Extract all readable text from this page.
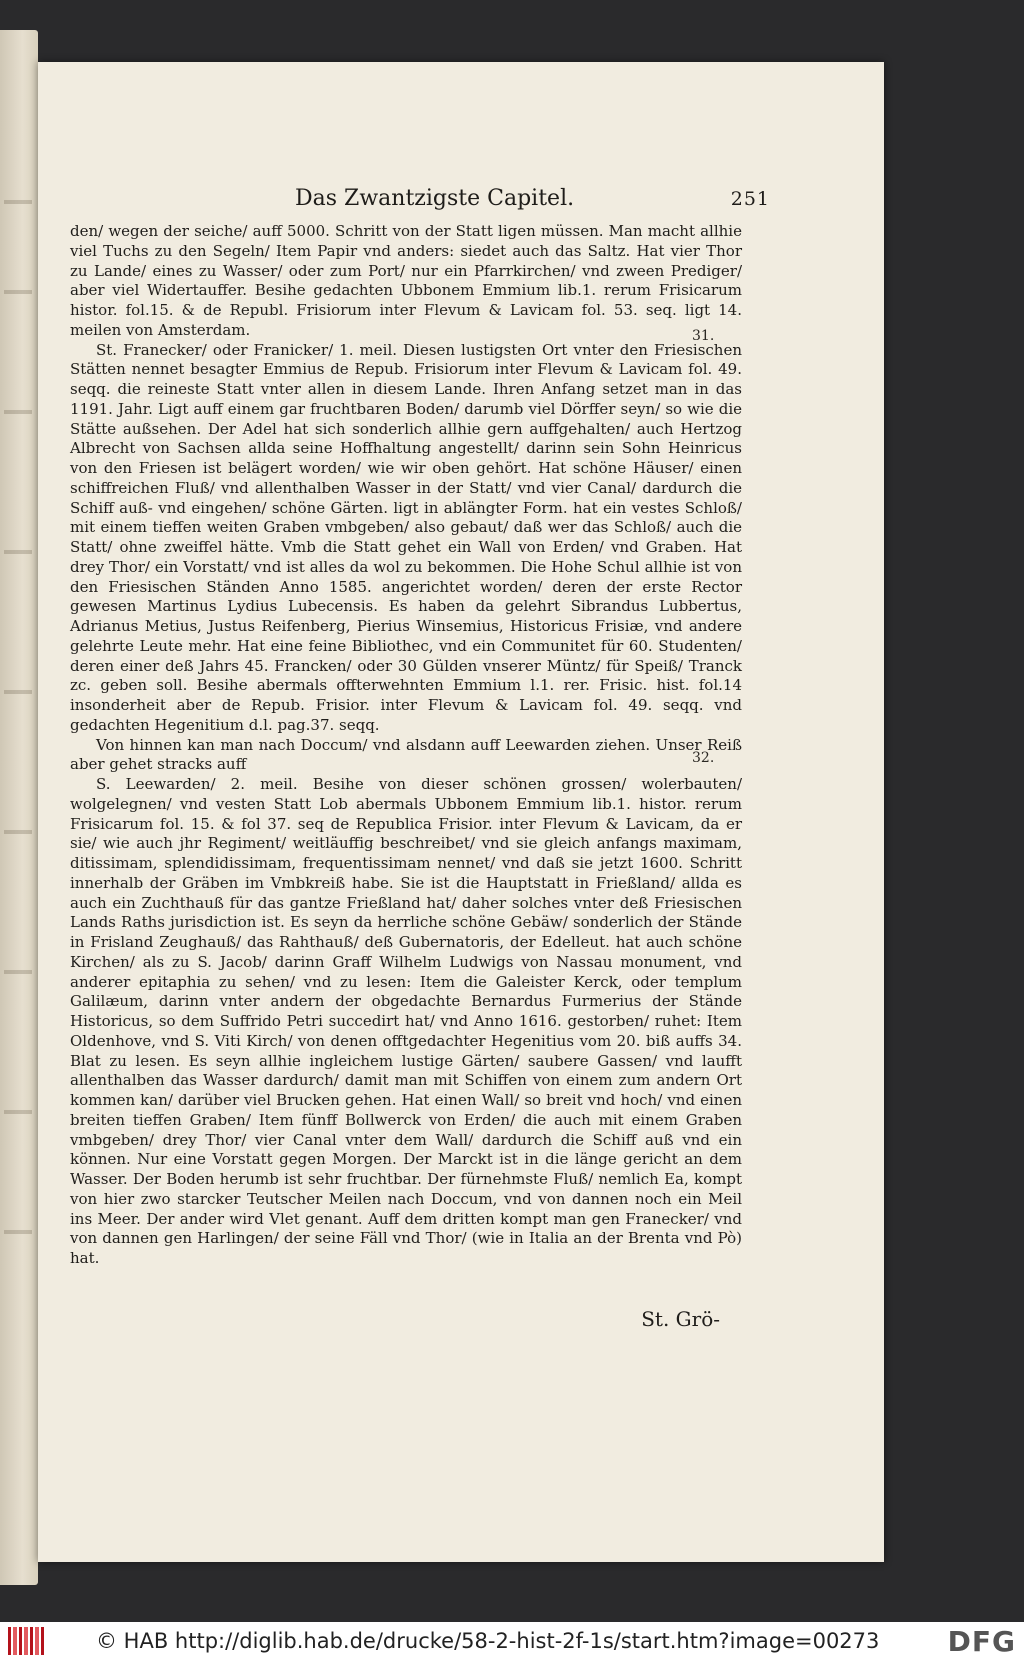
Das Zwantzigste Capitel.	251

den/ wegen der seiche/ auff 5000. Schritt von der Statt ligen müssen. Man macht allhie viel Tuchs zu den Segeln/ Item Papir vnd anders: siedet auch das Saltz. Hat vier Thor zu Lande/ eines zu Wasser/ oder zum Port/ nur ein Pfarrkirchen/ vnd zween Prediger/ aber viel Widertauffer. Besihe gedachten Ubbonem Emmium lib.1. rerum Frisicarum histor. fol.15. & de Republ. Frisiorum inter Flevum & Lavicam fol. 53. seq. ligt 14. meilen von Amsterdam.

St. Franecker/ oder Franicker/ 1. meil. Diesen lustigsten Ort vnter den Friesischen Stätten nennet besagter Emmius de Repub. Frisiorum inter Flevum & Lavicam fol. 49. seqq. die reineste Statt vnter allen in diesem Lande. Ihren Anfang setzet man in das 1191. Jahr. Ligt auff einem gar fruchtbaren Boden/ darumb viel Dörffer seyn/ so wie die Stätte außsehen. Der Adel hat sich sonderlich allhie gern auffgehalten/ auch Hertzog Albrecht von Sachsen allda seine Hoffhaltung angestellt/ darinn sein Sohn Heinricus von den Friesen ist belägert worden/ wie wir oben gehört. Hat schöne Häuser/ einen schiffreichen Fluß/ vnd allenthalben Wasser in der Statt/ vnd vier Canal/ dardurch die Schiff auß- vnd eingehen/ schöne Gärten. ligt in ablängter Form. hat ein vestes Schloß/ mit einem tieffen weiten Graben vmbgeben/ also gebaut/ daß wer das Schloß/ auch die Statt/ ohne zweiffel hätte. Vmb die Statt gehet ein Wall von Erden/ vnd Graben. Hat drey Thor/ ein Vorstatt/ vnd ist alles da wol zu bekommen. Die Hohe Schul allhie ist von den Friesischen Ständen Anno 1585. angerichtet worden/ deren der erste Rector gewesen Martinus Lydius Lubecensis. Es haben da gelehrt Sibrandus Lubbertus, Adrianus Metius, Justus Reifenberg, Pierius Winsemius, Historicus Frisiæ, vnd andere gelehrte Leute mehr. Hat eine feine Bibliothec, vnd ein Communitet für 60. Studenten/ deren einer deß Jahrs 45. Francken/ oder 30 Gülden vnserer Müntz/ für Speiß/ Tranck zc. geben soll. Besihe abermals offterwehnten Emmium l.1. rer. Frisic. hist. fol.14 insonderheit aber de Repub. Frisior. inter Flevum & Lavicam fol. 49. seqq. vnd gedachten Hegenitium d.l. pag.37. seqq.

Von hinnen kan man nach Doccum/ vnd alsdann auff Leewarden ziehen. Unser Reiß aber gehet stracks auff

S. Leewarden/ 2. meil. Besihe von dieser schönen grossen/ wolerbauten/ wolgelegnen/ vnd vesten Statt Lob abermals Ubbonem Emmium lib.1. histor. rerum Frisicarum fol. 15. & fol 37. seq de Republica Frisior. inter Flevum & Lavicam, da er sie/ wie auch jhr Regiment/ weitläuffig beschreibet/ vnd sie gleich anfangs maximam, ditissimam, splendidissimam, frequentissimam nennet/ vnd daß sie jetzt 1600. Schritt innerhalb der Gräben im Vmbkreiß habe. Sie ist die Hauptstatt in Frießland/ allda es auch ein Zuchthauß für das gantze Frießland hat/ daher solches vnter deß Friesischen Lands Raths jurisdiction ist. Es seyn da herrliche schöne Gebäw/ sonderlich der Stände in Frisland Zeughauß/ das Rahthauß/ deß Gubernatoris, der Edelleut. hat auch schöne Kirchen/ als zu S. Jacob/ darinn Graff Wilhelm Ludwigs von Nassau monument, vnd anderer epitaphia zu sehen/ vnd zu lesen: Item die Galeister Kerck, oder templum Galilæum, darinn vnter andern der obgedachte Bernardus Furmerius der Stände Historicus, so dem Suffrido Petri succedirt hat/ vnd Anno 1616. gestorben/ ruhet: Item Oldenhove, vnd S. Viti Kirch/ von denen offtgedachter Hegenitius vom 20. biß auffs 34. Blat zu lesen. Es seyn allhie ingleichem lustige Gärten/ saubere Gassen/ vnd laufft allenthalben das Wasser dardurch/ damit man mit Schiffen von einem zum andern Ort kommen kan/ darüber viel Brucken gehen. Hat einen Wall/ so breit vnd hoch/ vnd einen breiten tieffen Graben/ Item fünff Bollwerck von Erden/ die auch mit einem Graben vmbgeben/ drey Thor/ vier Canal vnter dem Wall/ dardurch die Schiff auß vnd ein können. Nur eine Vorstatt gegen Morgen. Der Marckt ist in die länge gericht an dem Wasser. Der Boden herumb ist sehr fruchtbar. Der fürnehmste Fluß/ nemlich Ea, kompt von hier zwo starcker Teutscher Meilen nach Doccum, vnd von dannen noch ein Meil ins Meer. Der ander wird Vlet genant. Auff dem dritten kompt man gen Franecker/ vnd von dannen gen Harlingen/ der seine Fäll vnd Thor/ (wie in Italia an der Brenta vnd Pò) hat.

31.
32.
St. Grö-
© HAB http://diglib.hab.de/drucke/58-2-hist-2f-1s/start.htm?image=00273 DFG
